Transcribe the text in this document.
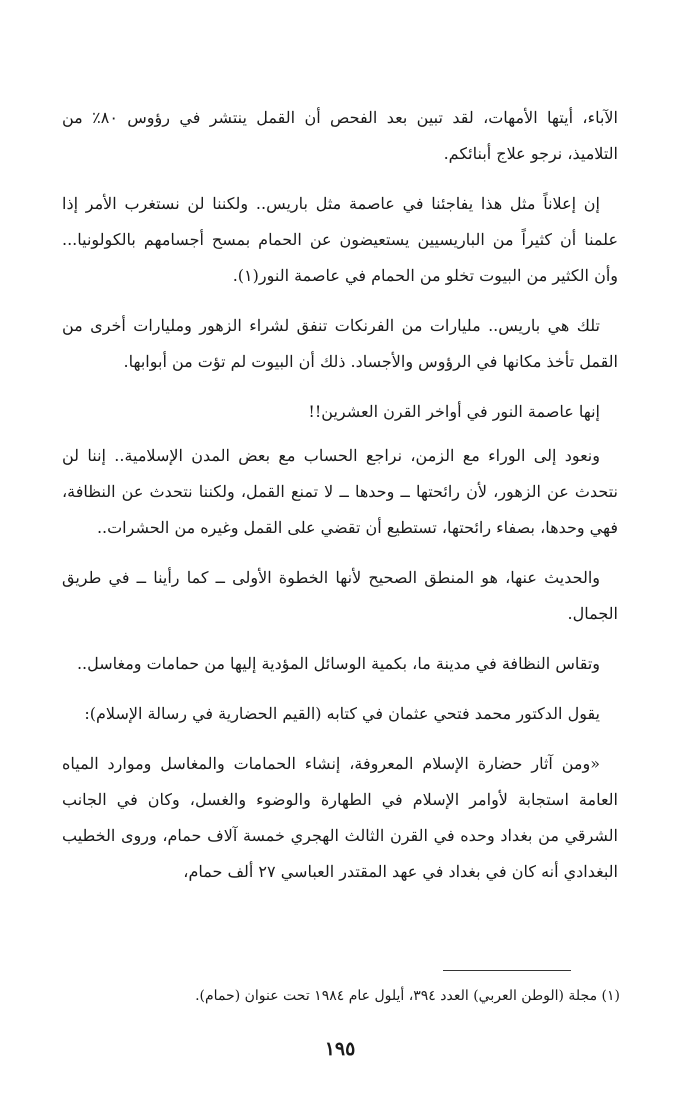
الآباء، أيتها الأمهات، لقد تبين بعد الفحص أن القمل ينتشر في رؤوس ٨٠٪ من التلاميذ، نرجو علاج أبنائكم.

إن إعلاناً مثل هذا يفاجئنا في عاصمة مثل باريس.. ولكننا لن نستغرب الأمر إذا علمنا أن كثيراً من الباريسيين يستعيضون عن الحمام بمسح أجسامهم بالكولونيا... وأن الكثير من البيوت تخلو من الحمام في عاصمة النور(١).

تلك هي باريس.. مليارات من الفرنكات تنفق لشراء الزهور ومليارات أخرى من القمل تأخذ مكانها في الرؤوس والأجساد. ذلك أن البيوت لم تؤت من أبوابها.

إنها عاصمة النور في أواخر القرن العشرين!!

ونعود إلى الوراء مع الزمن، نراجع الحساب مع بعض المدن الإسلامية.. إننا لن نتحدث عن الزهور، لأن رائحتها ــ وحدها ــ لا تمنع القمل، ولكننا نتحدث عن النظافة، فهي وحدها، بصفاء رائحتها، تستطيع أن تقضي على القمل وغيره من الحشرات..

والحديث عنها، هو المنطق الصحيح لأنها الخطوة الأولى ــ كما رأينا ــ في طريق الجمال.

وتقاس النظافة في مدينة ما، بكمية الوسائل المؤدية إليها من حمامات ومغاسل..

يقول الدكتور محمد فتحي عثمان في كتابه (القيم الحضارية في رسالة الإسلام):

«ومن آثار حضارة الإسلام المعروفة، إنشاء الحمامات والمغاسل وموارد المياه العامة استجابة لأوامر الإسلام في الطهارة والوضوء والغسل، وكان في الجانب الشرقي من بغداد وحده في القرن الثالث الهجري خمسة آلاف حمام، وروى الخطيب البغدادي أنه كان في بغداد في عهد المقتدر العباسي ٢٧ ألف حمام،

(١) مجلة (الوطن العربي) العدد ٣٩٤، أيلول عام ١٩٨٤ تحت عنوان (حمام).
١٩٥
